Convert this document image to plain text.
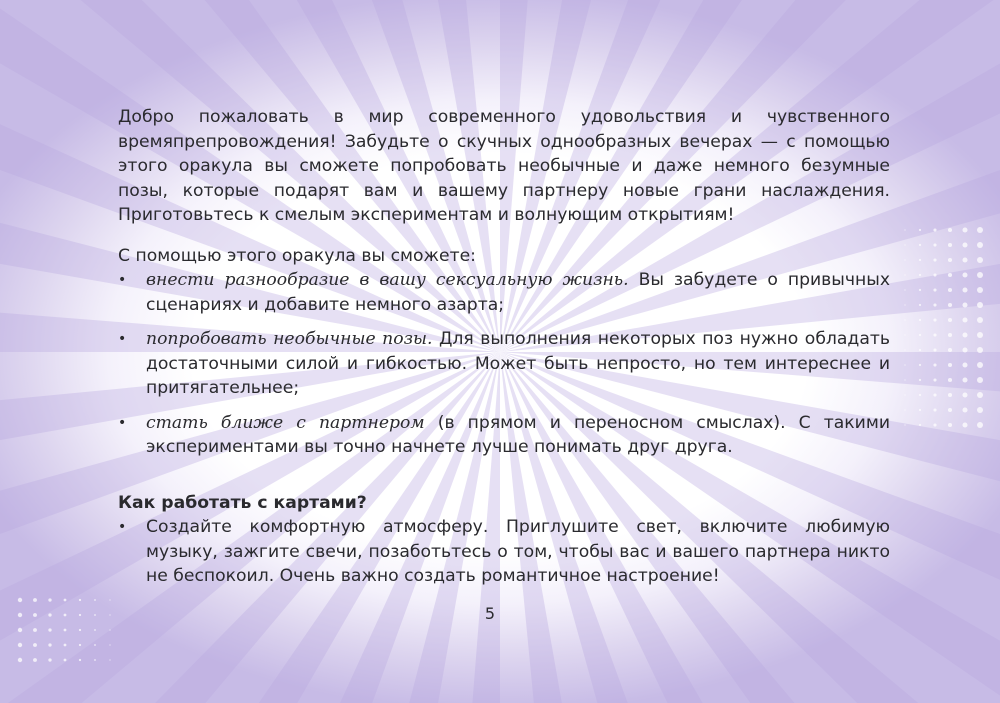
Добро пожаловать в мир современного удовольствия и чувственного времяпрепровождения! Забудьте о скучных однообразных вечерах — с помощью этого оракула вы сможете попробовать необычные и даже немного безумные позы, которые подарят вам и вашему партнеру новые грани наслаждения. Приготовьтесь к смелым экспериментам и волнующим открытиям!

С помощью этого оракула вы сможете:

• внести разнообразие в вашу сексуальную жизнь. Вы забудете о привычных сценариях и добавите немного азарта;
• попробовать необычные позы. Для выполнения некоторых поз нужно обладать достаточными силой и гибкостью. Может быть непросто, но тем интереснее и притягательнее;
• стать ближе с партнером (в прямом и переносном смыслах). С такими экспериментами вы точно начнете лучше понимать друг друга.
Как работать с картами?
• Создайте комфортную атмосферу. Приглушите свет, включите любимую музыку, зажгите свечи, позаботьтесь о том, чтобы вас и вашего партнера никто не беспокоил. Очень важно создать романтичное настроение!
5
